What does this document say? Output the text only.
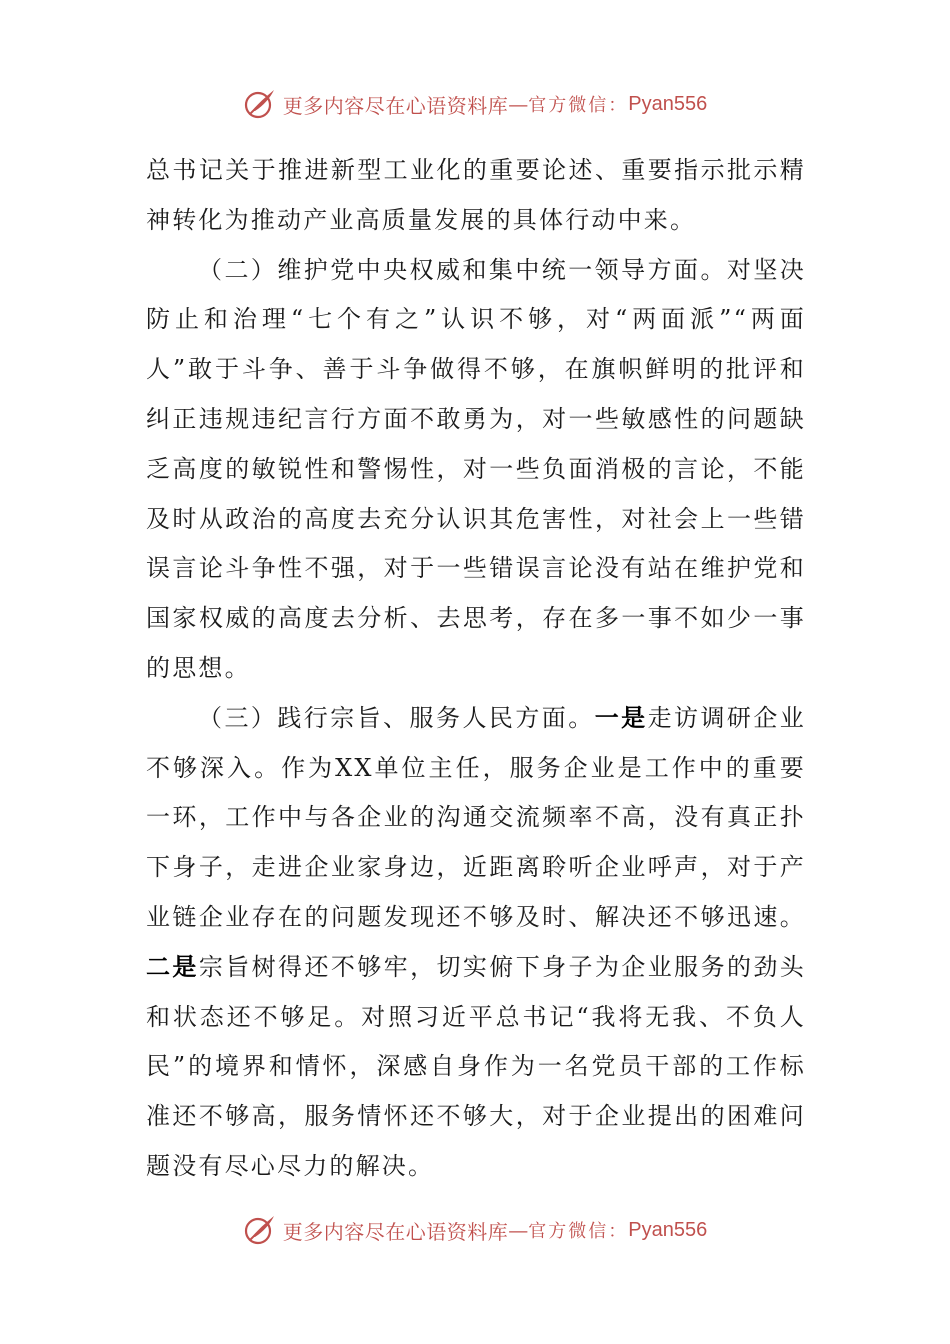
更多内容尽在心语资料库 — 官方微信： Pyan556

总书记关于推进新型工业化的重要论述、重要指示批示精神转化为推动产业高质量发展的具体行动中来。

（二）维护党中央权威和集中统一领导方面。对坚决防止和治理“七个有之”认识不够，对“两面派”“两面人”敢于斗争、善于斗争做得不够，在旗帜鲜明的批评和纠正违规违纪言行方面不敢勇为，对一些敏感性的问题缺乏高度的敏锐性和警惕性，对一些负面消极的言论，不能及时从政治的高度去充分认识其危害性，对社会上一些错误言论斗争性不强，对于一些错误言论没有站在维护党和国家权威的高度去分析、去思考，存在多一事不如少一事的思想。

（三）践行宗旨、服务人民方面。一是走访调研企业不够深入。作为XX单位主任，服务企业是工作中的重要一环，工作中与各企业的沟通交流频率不高，没有真正扑下身子，走进企业家身边，近距离聆听企业呼声，对于产业链企业存在的问题发现还不够及时、解决还不够迅速。二是宗旨树得还不够牢，切实俯下身子为企业服务的劲头和状态还不够足。对照习近平总书记“我将无我、不负人民”的境界和情怀，深感自身作为一名党员干部的工作标准还不够高，服务情怀还不够大，对于企业提出的困难问题没有尽心尽力的解决。

更多内容尽在心语资料库 — 官方微信： Pyan556
